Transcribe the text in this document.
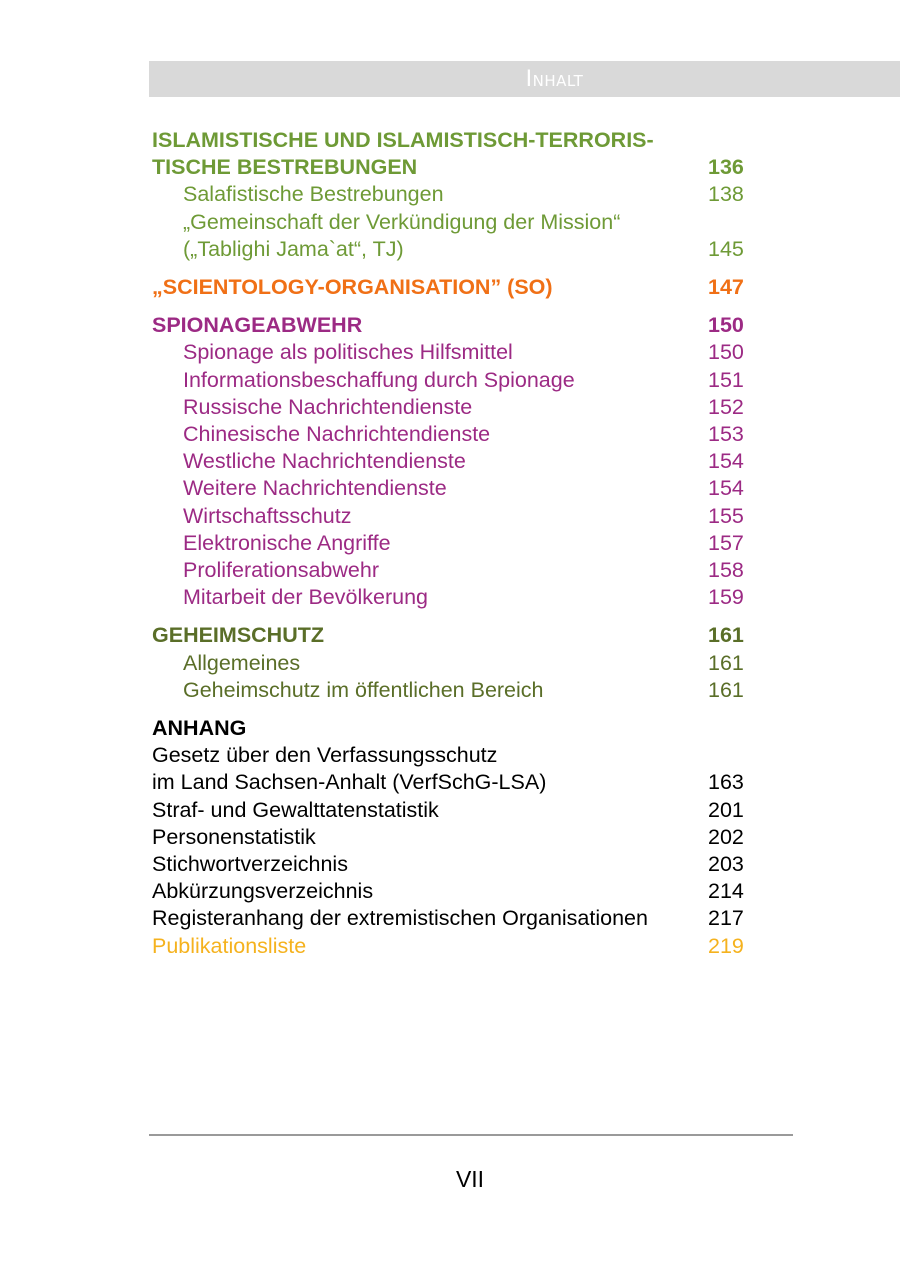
Inhalt
ISLAMISTISCHE UND ISLAMISTISCH-TERRORIS-
TISCHE BESTREBUNGEN	136
Salafistische Bestrebungen	138
„Gemeinschaft der Verkündigung der Mission“
(„Tablighi Jama`at“, TJ)	145
„SCIENTOLOGY-ORGANISATION” (SO)	147
SPIONAGEABWEHR	150
Spionage als politisches Hilfsmittel	150
Informationsbeschaffung durch Spionage	151
Russische Nachrichtendienste	152
Chinesische Nachrichtendienste	153
Westliche Nachrichtendienste	154
Weitere Nachrichtendienste	154
Wirtschaftsschutz	155
Elektronische Angriffe	157
Proliferationsabwehr	158
Mitarbeit der Bevölkerung	159
GEHEIMSCHUTZ	161
Allgemeines	161
Geheimschutz im öffentlichen Bereich	161
ANHANG
Gesetz über den Verfassungsschutz
im Land Sachsen-Anhalt (VerfSchG-LSA)	163
Straf- und Gewalttatenstatistik	201
Personenstatistik	202
Stichwortverzeichnis	203
Abkürzungsverzeichnis	214
Registeranhang der extremistischen Organisationen	217
Publikationsliste	219
VII
